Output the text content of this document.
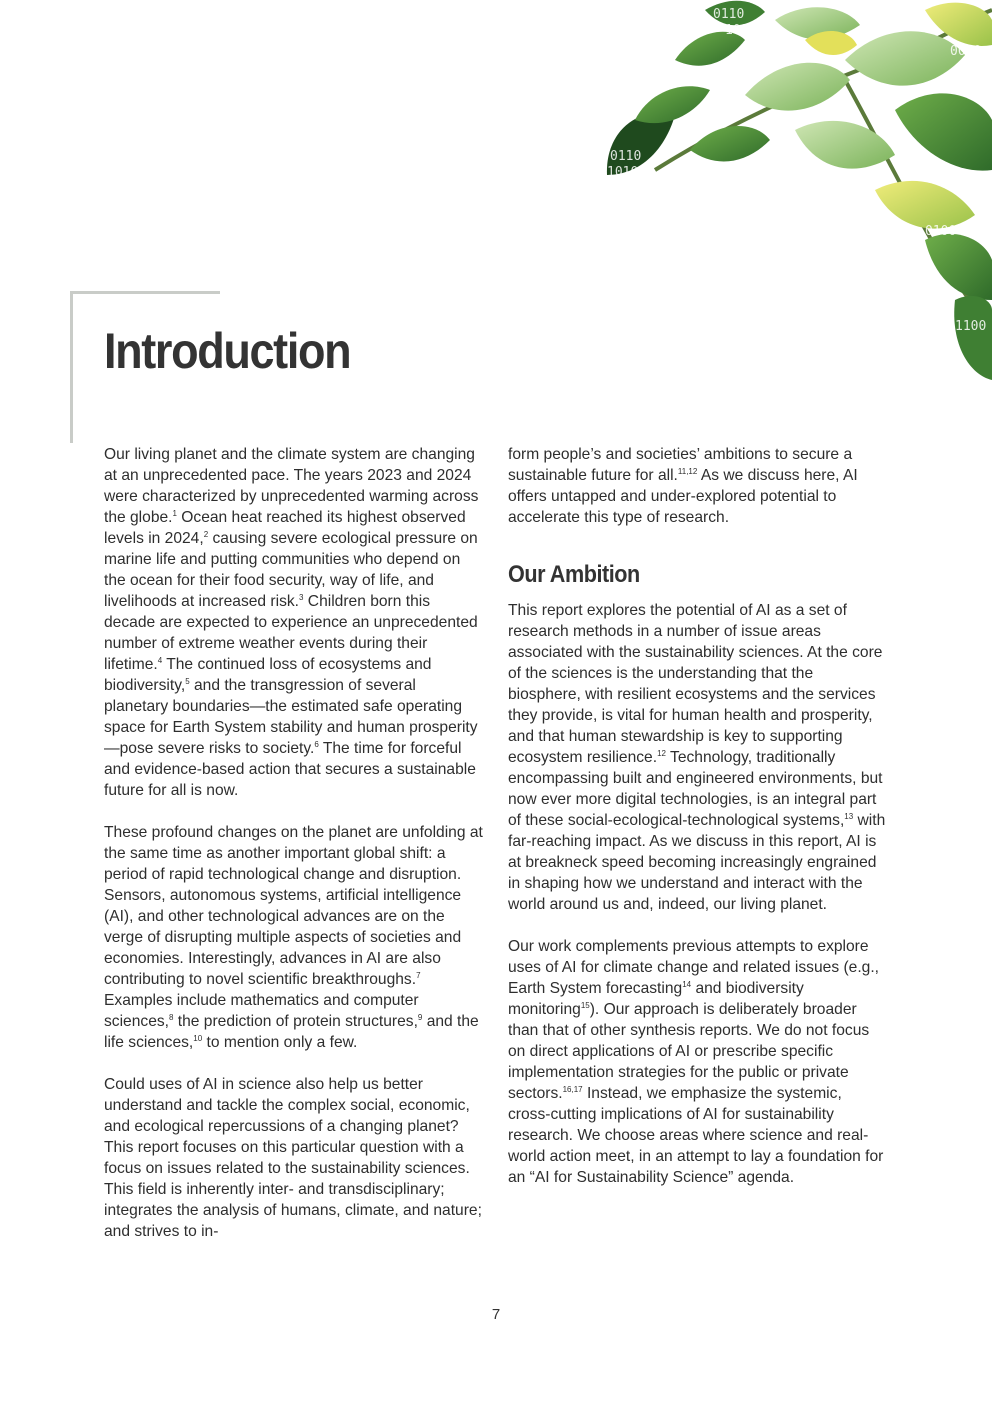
0110
1011
0010
1001
0110
10101
0100
1100
Introduction

Our living planet and the climate system are changing at an unprecedented pace. The years 2023 and 2024 were characterized by unprecedented warming across the globe.$^1$ Ocean heat reached its highest observed levels in 2024,$^2$ causing severe ecological pressure on marine life and putting communities who depend on the ocean for their food security, way of life, and livelihoods at increased risk.$^3$ Children born this decade are expected to experience an unprecedented number of extreme weather events during their lifetime.$^4$ The continued loss of ecosystems and biodiversity,$^5$ and the transgression of several planetary boundaries—the estimated safe operating space for Earth System stability and human prosperity—pose severe risks to society.$^6$ The time for forceful and evidence-based action that secures a sustainable future for all is now.

These profound changes on the planet are unfolding at the same time as another important global shift: a period of rapid technological change and disruption. Sensors, autonomous systems, artificial intelligence (AI), and other technological advances are on the verge of disrupting multiple aspects of societies and economies. Interestingly, advances in AI are also contributing to novel scientific breakthroughs.$^7$ Examples include mathematics and computer sciences,$^8$ the prediction of protein structures,$^9$ and the life sciences,$^{10}$ to mention only a few.

Could uses of AI in science also help us better understand and tackle the complex social, economic, and ecological repercussions of a changing planet? This report focuses on this particular question with a focus on issues related to the sustainability sciences. This field is inherently inter- and transdisciplinary; integrates the analysis of humans, climate, and nature; and strives to in-

form people’s and societies’ ambitions to secure a sustainable future for all.$^{11,12}$ As we discuss here, AI offers untapped and under-explored potential to accelerate this type of research.

Our Ambition

This report explores the potential of AI as a set of research methods in a number of issue areas associated with the sustainability sciences. At the core of the sciences is the understanding that the biosphere, with resilient ecosystems and the services they provide, is vital for human health and prosperity, and that human stewardship is key to supporting ecosystem resilience.$^{12}$ Technology, traditionally encompassing built and engineered environments, but now ever more digital technologies, is an integral part of these social-ecological-technological systems,$^{13}$ with far-reaching impact. As we discuss in this report, AI is at breakneck speed becoming increasingly engrained in shaping how we understand and interact with the world around us and, indeed, our living planet.

Our work complements previous attempts to explore uses of AI for climate change and related issues (e.g., Earth System forecasting$^{14}$ and biodiversity monitoring$^{15}$). Our approach is deliberately broader than that of other synthesis reports. We do not focus on direct applications of AI or prescribe specific implementation strategies for the public or private sectors.$^{16,17}$ Instead, we emphasize the systemic, cross-cutting implications of AI for sustainability research. We choose areas where science and real-world action meet, in an attempt to lay a foundation for an “AI for Sustainability Science” agenda.

7
